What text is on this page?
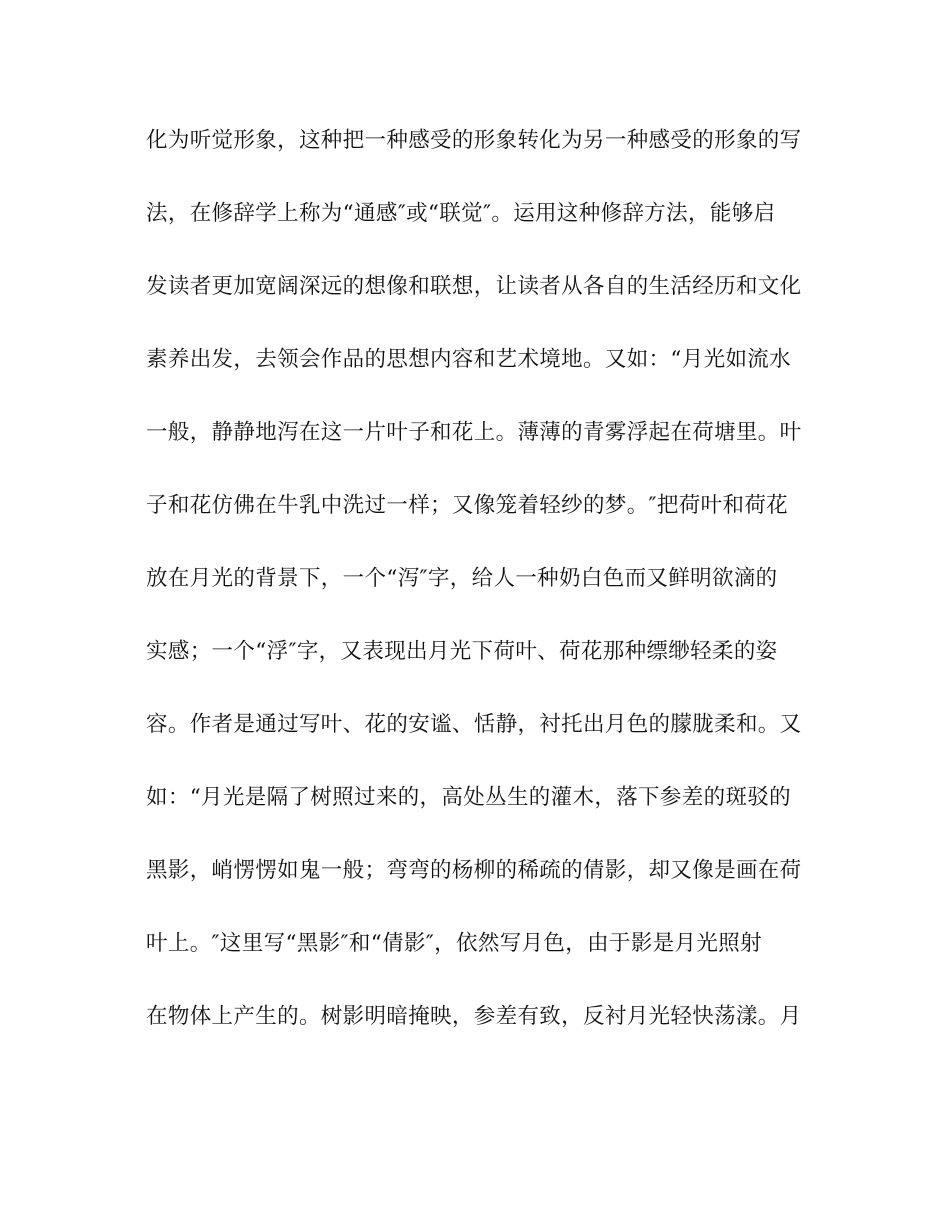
化为听觉形象，这种把一种感受的形象转化为另一种感受的形象的写
法，在修辞学上称为“通感″或“联觉″。运用这种修辞方法，能够启
发读者更加宽阔深远的想像和联想，让读者从各自的生活经历和文化
素养出发，去领会作品的思想内容和艺术境地。又如：“月光如流水
一般，静静地泻在这一片叶子和花上。薄薄的青雾浮起在荷塘里。叶
子和花仿佛在牛乳中洗过一样；又像笼着轻纱的梦。″把荷叶和荷花
放在月光的背景下，一个“泻″字，给人一种奶白色而又鲜明欲滴的
实感；一个“浮″字，又表现出月光下荷叶、荷花那种缥缈轻柔的姿
容。作者是通过写叶、花的安谧、恬静，衬托出月色的朦胧柔和。又
如：“月光是隔了树照过来的，高处丛生的灌木，落下参差的斑驳的
黑影，峭愣愣如鬼一般；弯弯的杨柳的稀疏的倩影，却又像是画在荷
叶上。″这里写“黑影″和“倩影″，依然写月色，由于影是月光照射
在物体上产生的。树影明暗掩映，参差有致，反衬月光轻快荡漾。月
